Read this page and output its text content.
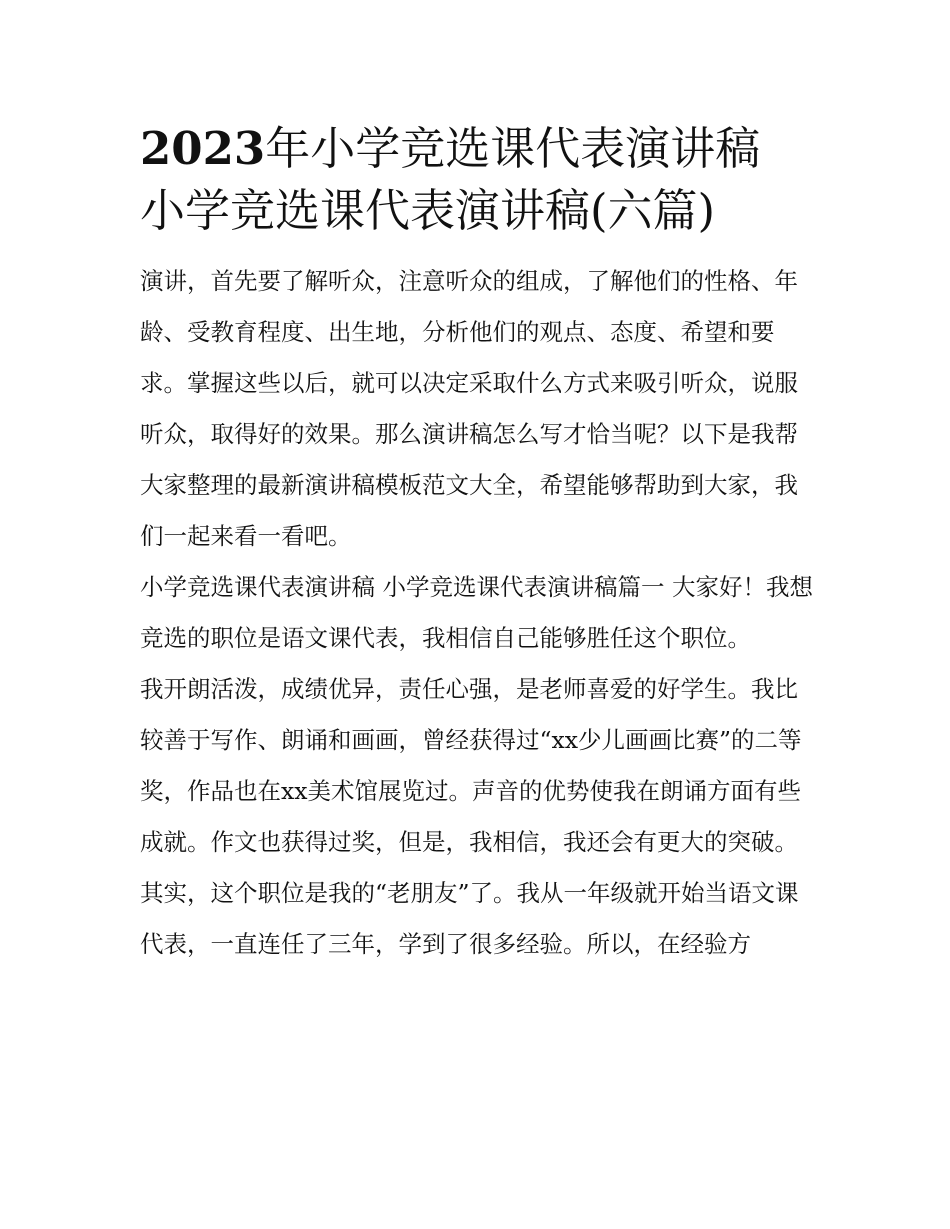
2023年小学竞选课代表演讲稿
小学竞选课代表演讲稿(六篇)

演讲，首先要了解听众，注意听众的组成，了解他们的性格、年龄、受教育程度、出生地，分析他们的观点、态度、希望和要求。掌握这些以后，就可以决定采取什么方式来吸引听众，说服听众，取得好的效果。那么演讲稿怎么写才恰当呢？以下是我帮大家整理的最新演讲稿模板范文大全，希望能够帮助到大家，我们一起来看一看吧。

小学竞选课代表演讲稿 小学竞选课代表演讲稿篇一 大家好！我想竞选的职位是语文课代表，我相信自己能够胜任这个职位。

我开朗活泼，成绩优异，责任心强，是老师喜爱的好学生。我比较善于写作、朗诵和画画，曾经获得过“xx少儿画画比赛”的二等奖，作品也在xx美术馆展览过。声音的优势使我在朗诵方面有些成就。作文也获得过奖，但是，我相信，我还会有更大的突破。

其实，这个职位是我的“老朋友”了。我从一年级就开始当语文课代表，一直连任了三年，学到了很多经验。所以，在经验方
